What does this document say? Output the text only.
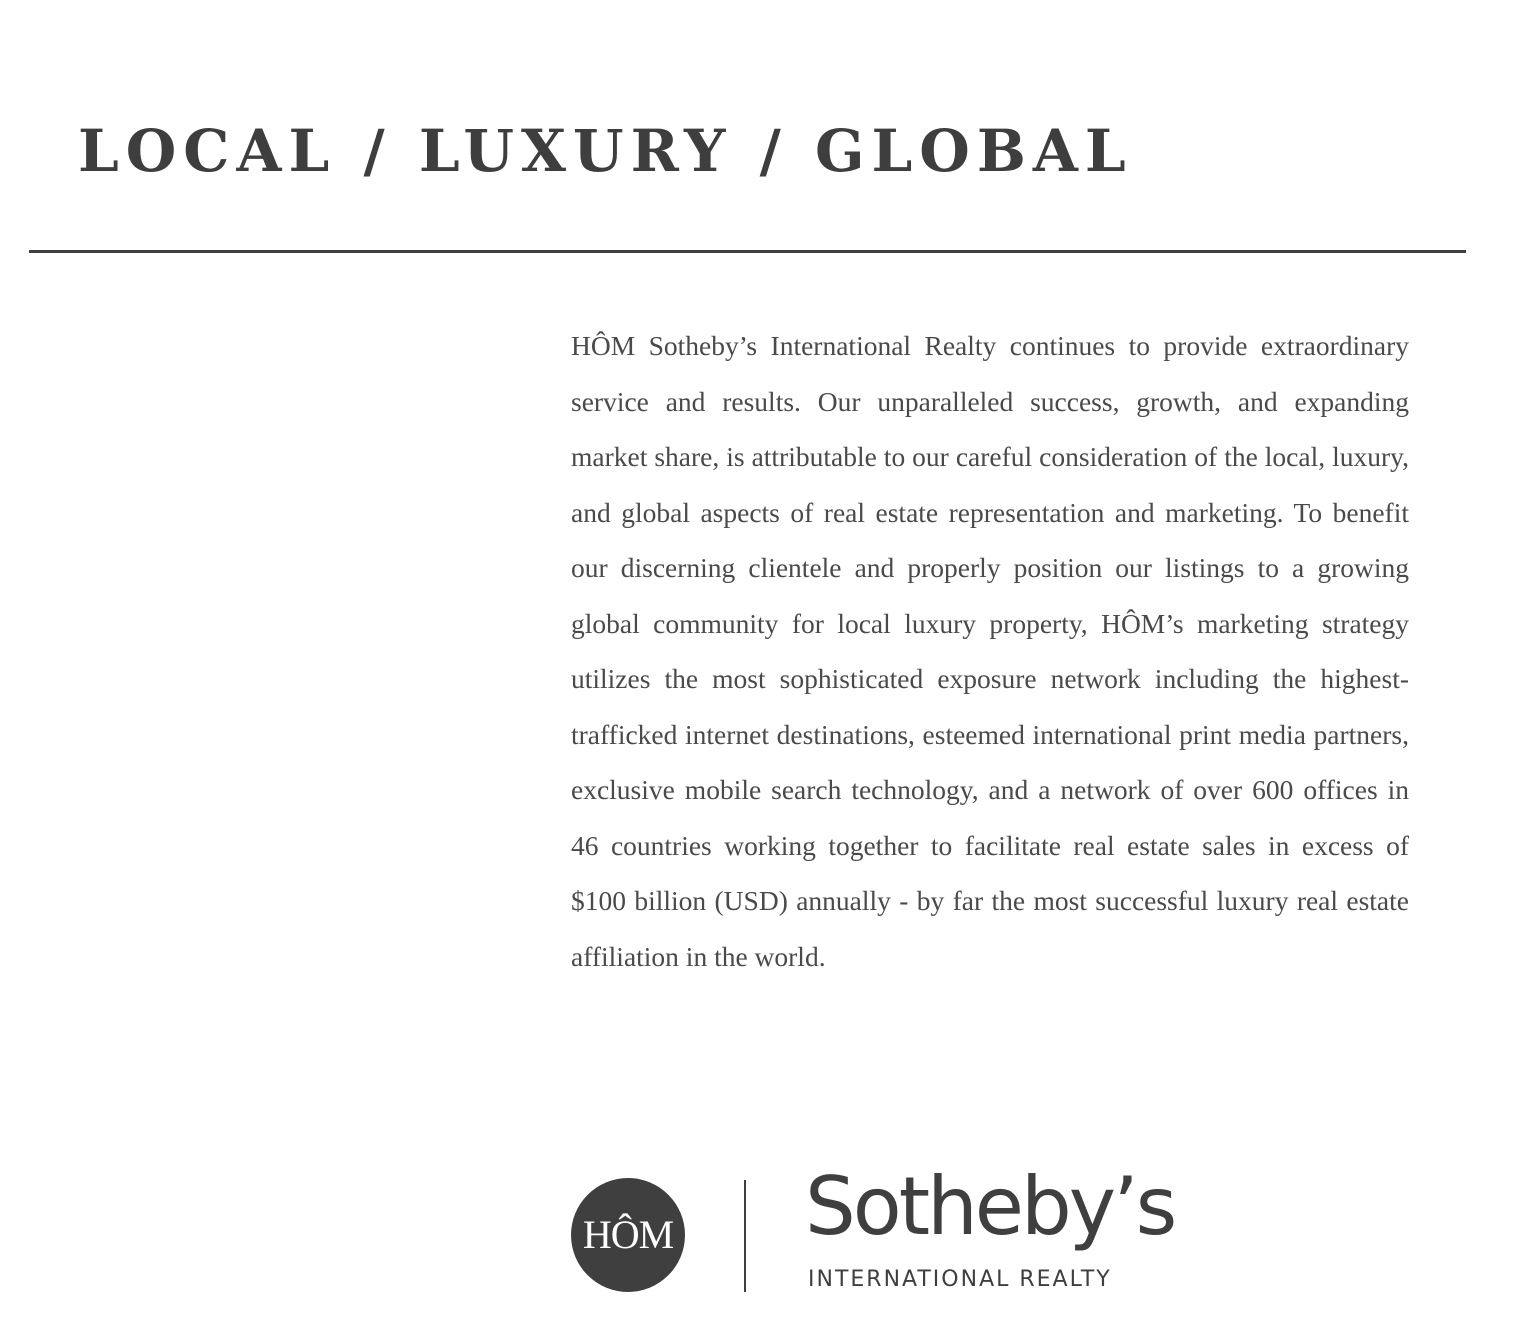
LOCAL / LUXURY / GLOBAL

HÔM Sotheby’s International Realty continues to provide extraordinary service and results. Our unparalleled success, growth, and expanding market share, is attributable to our careful consideration of the local, luxury, and global aspects of real estate representation and marketing. To benefit our discerning clientele and properly position our listings to a growing global community for local luxury property, HÔM’s marketing strategy utilizes the most sophisticated exposure network including the highest-trafficked internet destinations, esteemed international print media partners, exclusive mobile search technology, and a network of over 600 offices in 46 countries working together to facilitate real estate sales in excess of $100 billion (USD) annually - by far the most successful luxury real estate affiliation in the world.

HÔM Sotheby’s
INTERNATIONAL REALTY
